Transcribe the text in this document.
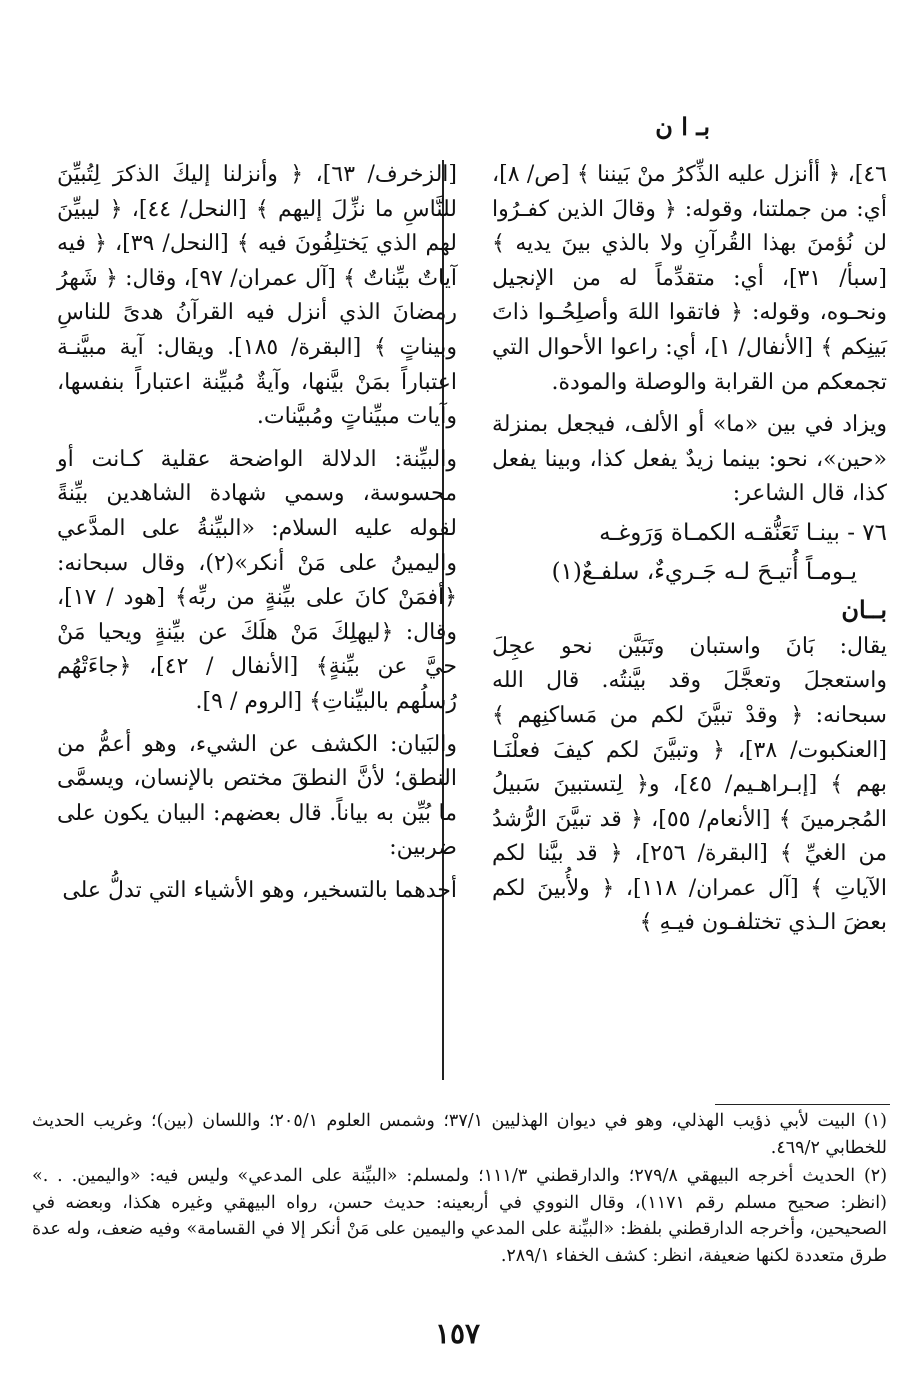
بـ ا ن

٤٦]، ﴿ أأنزل عليه الذِّكرُ منْ بَيننا ﴾ [ص/ ٨]، أي: من جملتنا، وقوله: ﴿ وقالَ الذين كفـرُوا لن نُؤمنَ بهذا القُرآنِ ولا بالذي بينَ يديه ﴾ [سبأ/ ٣١]، أي: متقدِّماً له من الإنجيل ونحـوه، وقوله: ﴿ فاتقوا اللهَ وأصلِحُـوا ذاتَ بَينِكم ﴾ [الأنفال/ ١]، أي: راعوا الأحوال التي تجمعكم من القرابة والوصلة والمودة.

ويزاد في بين «ما» أو الألف، فيجعل بمنزلة «حين»، نحو: بينما زيدٌ يفعل كذا، وبينا يفعل كذا، قال الشاعر:

٧٦ - بينـا تَعَنُّقـه الكمـاة وَرَوغـه

يـومـاً أُتيـحَ لـه جَـريءٌ، سلفـعٌ(١)

بــان

يقال: بَانَ واستبان وتَبَيَّن نحو عجِلَ واستعجلَ وتعجَّلَ وقد بيَّنتُه. قال الله سبحانه: ﴿ وقدْ تبيَّنَ لكم من مَساكنِهم ﴾ [العنكبوت/ ٣٨]، ﴿ وتبيَّنَ لكم كيفَ فعلْنَـا بهم ﴾ [إبـراهـيم/ ٤٥]، و﴿ لِتستبينَ سَبيلُ المُجرمينَ ﴾ [الأنعام/ ٥٥]، ﴿ قد تبيَّنَ الرُّشدُ من الغيِّ ﴾ [البقرة/ ٢٥٦]، ﴿ قد بيَّنا لكم الآياتِ ﴾ [آل عمران/ ١١٨]، ﴿ ولأُبينَ لكم بعضَ الـذي تختلفـون فيـهِ ﴾

[الزخرف/ ٦٣]، ﴿ وأنزلنا إليكَ الذكرَ لِتُبيِّنَ للنَّاسِ ما نزِّلَ إليهم ﴾ [النحل/ ٤٤]، ﴿ ليبيِّنَ لهم الذي يَختلِفُونَ فيه ﴾ [النحل/ ٣٩]، ﴿ فيه آياتٌ بيِّناتٌ ﴾ [آل عمران/ ٩٧]، وقال: ﴿ شَهرُ رمضانَ الذي أنزل فيه القرآنُ هدىً للناسِ وبيناتٍ ﴾ [البقرة/ ١٨٥]. ويقال: آية مبيَّنـة اعتباراً بمَنْ بيَّنها، وآيةٌ مُبيِّنة اعتباراً بنفسها، وآيات مبيِّناتٍ ومُبيَّنات.

والبيِّنة: الدلالة الواضحة عقلية كـانت أو محسوسة، وسمي شهادة الشاهدين بيِّنةً لقوله عليه السلام: «البيِّنةُ على المدَّعي واليمينُ على مَنْ أنكر»(٢)، وقال سبحانه: ﴿أفمَنْ كانَ على بيِّنةٍ من ربِّه﴾ [هود / ١٧]، وقال: ﴿ليهلِكَ مَنْ هلَكَ عن بيِّنةٍ ويحيا مَنْ حيَّ عن بيِّنةٍ﴾ [الأنفال / ٤٢]، ﴿جاءَتْهُم رُسلُهم بالبيِّناتِ﴾ [الروم / ٩].

والبَيان: الكشف عن الشيء، وهو أعمُّ من النطق؛ لأنَّ النطقَ مختص بالإنسان، ويسمَّى ما بُيِّن به بياناً. قال بعضهم: البيان يكون على ضربين:

أحدهما بالتسخير، وهو الأشياء التي تدلُّ على

(١) البيت لأبي ذؤيب الهذلي، وهو في ديوان الهذليين ٣٧/١؛ وشمس العلوم ٢٠٥/١؛ واللسان (بين)؛ وغريب الحديث للخطابي ٤٦٩/٢.

(٢) الحديث أخرجه البيهقي ٢٧٩/٨؛ والدارقطني ١١١/٣؛ ولمسلم: «البيِّنة على المدعي» وليس فيه: «واليمين. . .» (انظر: صحيح مسلم رقم ١١٧١)، وقال النووي في أربعينه: حديث حسن، رواه البيهقي وغيره هكذا، وبعضه في الصحيحين، وأخرجه الدارقطني بلفظ: «البيِّنة على المدعي واليمين على مَنْ أنكر إلا في القسامة» وفيه ضعف، وله عدة طرق متعددة لكنها ضعيفة، انظر: كشف الخفاء ٢٨٩/١.

١٥٧
